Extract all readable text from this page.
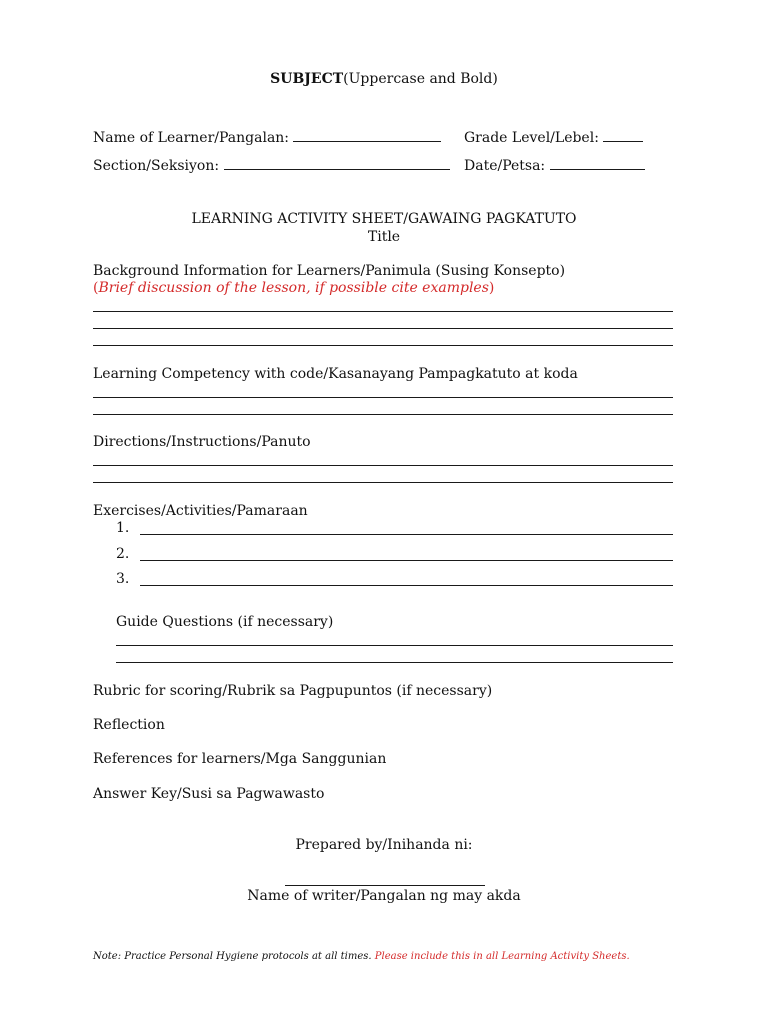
SUBJECT(Uppercase and Bold)
Name of Learner/Pangalan:	Grade Level/Lebel:
Section/Seksiyon:	Date/Petsa:
LEARNING ACTIVITY SHEET/GAWAING PAGKATUTO
Title
Background Information for Learners/Panimula (Susing Konsepto)
(Brief discussion of the lesson, if possible cite examples)
Learning Competency with code/Kasanayang Pampagkatuto at koda
Directions/Instructions/Panuto
Exercises/Activities/Pamaraan
1.
2.
3.
Guide Questions (if necessary)
Rubric for scoring/Rubrik sa Pagpupuntos (if necessary)
Reflection
References for learners/Mga Sanggunian
Answer Key/Susi sa Pagwawasto
Prepared by/Inihanda ni:
Name of writer/Pangalan ng may akda
Note: Practice Personal Hygiene protocols at all times. Please include this in all Learning Activity Sheets.
